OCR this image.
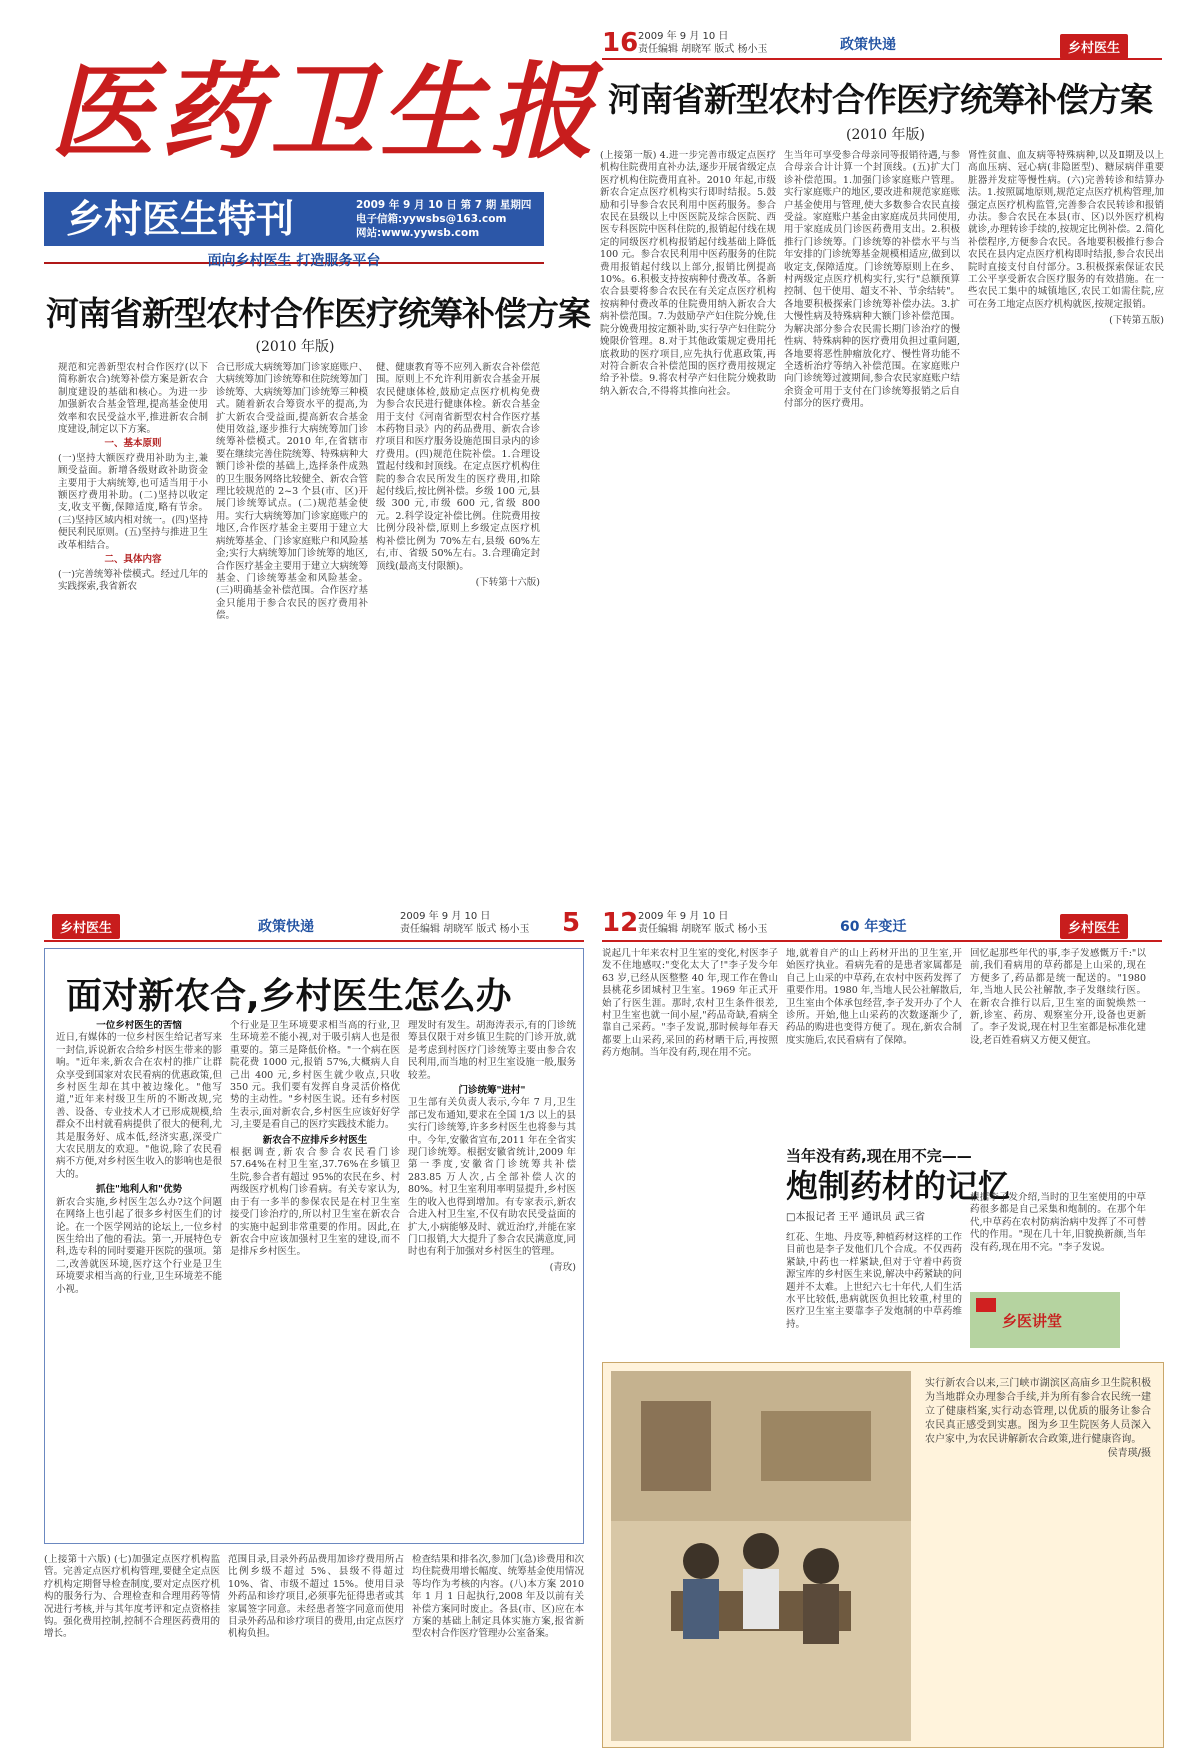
医药卫生报
乡村医生特刊	2009 年 9 月 10 日 第 7 期 星期四
电子信箱:yywsbs@163.com
网站:www.yywsb.com
面向乡村医生 打造服务平台
河南省新型农村合作医疗统筹补偿方案
(2010 年版)
规范和完善新型农村合作医疗(以下简称新农合)统筹补偿方案是新农合制度建设的基础和核心。为进一步加强新农合基金管理,提高基金使用效率和农民受益水平,推进新农合制度建设,制定以下方案。
一、基本原则
(一)坚持大额医疗费用补助为主,兼顾受益面。新增各级财政补助资金主要用于大病统筹,也可适当用于小额医疗费用补助。(二)坚持以收定支,收支平衡,保障适度,略有节余。(三)坚持区域内相对统一。(四)坚持便民利民原则。(五)坚持与推进卫生改革相结合。
二、具体内容
(一)完善统筹补偿模式。经过几年的实践探索,我省新农
合已形成大病统筹加门诊家庭账户、大病统筹加门诊统筹和住院统筹加门诊统筹、大病统筹加门诊统筹三种模式。随着新农合筹资水平的提高,为扩大新农合受益面,提高新农合基金使用效益,逐步推行大病统筹加门诊统筹补偿模式。2010 年,在省辖市要在继续完善住院统筹、特殊病种大额门诊补偿的基础上,选择条件成熟的卫生服务网络比较健全、新农合管理比较规范的 2~3 个县(市、区)开展门诊统筹试点。(二)规范基金使用。实行大病统筹加门诊家庭账户的地区,合作医疗基金主要用于建立大病统筹基金、门诊家庭账户和风险基金;实行大病统筹加门诊统筹的地区,合作医疗基金主要用于建立大病统筹基金、门诊统筹基金和风险基金。(三)明确基金补偿范围。合作医疗基金只能用于参合农民的医疗费用补偿。
健、健康教育等不应列入新农合补偿范围。原则上不允许利用新农合基金开展农民健康体检,鼓励定点医疗机构免费为参合农民进行健康体检。新农合基金用于支付《河南省新型农村合作医疗基本药物目录》内的药品费用、新农合诊疗项目和医疗服务设施范围目录内的诊疗费用。(四)规范住院补偿。1.合理设置起付线和封顶线。在定点医疗机构住院的参合农民所发生的医疗费用,扣除起付线后,按比例补偿。乡级 100 元,县级 300 元,市级 600 元,省级 800 元。2.科学设定补偿比例。住院费用按比例分段补偿,原则上乡级定点医疗机构补偿比例为 70%左右,县级 60%左右,市、省级 50%左右。3.合理确定封顶线(最高支付限额)。
(下转第十六版)
16 2009 年 9 月 10 日
责任编辑 胡晓军 版式 杨小玉	政策快递	乡村医生
河南省新型农村合作医疗统筹补偿方案
(2010 年版)
(上接第一版) 4.进一步完善市级定点医疗机构住院费用直补办法,逐步开展省级定点医疗机构住院费用直补。2010 年起,市级新农合定点医疗机构实行即时结报。5.鼓励和引导参合农民利用中医药服务。参合农民在县级以上中医医院及综合医院、西医专科医院中医科住院的,报销起付线在规定的同级医疗机构报销起付线基础上降低 100 元。参合农民利用中医药服务的住院费用报销起付线以上部分,报销比例提高 10%。6.积极支持按病种付费改革。各新农合县要将参合农民在有关定点医疗机构按病种付费改革的住院费用纳入新农合大病补偿范围。7.为鼓励孕产妇住院分娩,住院分娩费用按定额补助,实行孕产妇住院分娩限价管理。8.对于其他政策规定费用托底救助的医疗项目,应先执行优惠政策,再对符合新农合补偿范围的医疗费用按规定给予补偿。9.将农村孕产妇住院分娩救助纳入新农合,不得将其推向社会。
生当年可享受参合母亲同等报销待遇,与参合母亲合计计算一个封顶线。(五)扩大门诊补偿范围。1.加强门诊家庭账户管理。实行家庭账户的地区,要改进和规范家庭账户基金使用与管理,使大多数参合农民直接受益。家庭账户基金由家庭成员共同使用,用于家庭成员门诊医药费用支出。2.积极推行门诊统筹。门诊统筹的补偿水平与当年安排的门诊统筹基金规模相适应,做到以收定支,保障适度。门诊统筹原则上在乡、村两级定点医疗机构实行,实行"总额预算控制、包干使用、超支不补、节余结转"。各地要积极探索门诊统筹补偿办法。3.扩大慢性病及特殊病种大额门诊补偿范围。为解决部分参合农民需长期门诊治疗的慢性病、特殊病种的医疗费用负担过重问题,各地要将恶性肿瘤放化疗、慢性肾功能不全透析治疗等纳入补偿范围。在家庭账户向门诊统筹过渡期间,参合农民家庭账户结余资金可用于支付在门诊统筹报销之后自付部分的医疗费用。
肾性贫血、血友病等特殊病种,以及Ⅱ期及以上高血压病、冠心病(非隐匿型)、糖尿病伴重要脏器并发症等慢性病。(六)完善转诊和结算办法。1.按照属地原则,规范定点医疗机构管理,加强定点医疗机构监管,完善参合农民转诊和报销办法。参合农民在本县(市、区)以外医疗机构就诊,办理转诊手续的,按规定比例补偿。2.简化补偿程序,方便参合农民。各地要积极推行参合农民在县内定点医疗机构即时结报,参合农民出院时直接支付自付部分。3.积极探索保证农民工公平享受新农合医疗服务的有效措施。在一些农民工集中的城镇地区,农民工如需住院,应可在务工地定点医疗机构就医,按规定报销。
(下转第五版)
乡村医生	政策快递
2009 年 9 月 10 日
责任编辑 胡晓军 版式 杨小玉 5
面对新农合,乡村医生怎么办
一位乡村医生的苦恼
近日,有媒体的一位乡村医生给记者写来一封信,诉说新农合给乡村医生带来的影响。"近年来,新农合在农村的推广让群众享受到国家对农民看病的优惠政策,但乡村医生却在其中被边缘化。"他写道,"近年来村级卫生所的不断改规,完善、设备、专业技术人才已形成规模,给群众不出村就看病提供了很大的便利,尤其是服务好、成本低,经济实惠,深受广大农民朋友的欢迎。"他说,除了农民看病不方便,对乡村医生收入的影响也是很大的。
抓住"地利人和"优势
新农合实施,乡村医生怎么办?这个问题在网络上也引起了很多乡村医生们的讨论。在一个医学网站的论坛上,一位乡村医生给出了他的看法。第一,开展特色专科,选专科的同时要避开医院的强项。第二,改善就医环境,医疗这个行业是卫生环境要求相当高的行业,卫生环境差不能小视。
个行业是卫生环境要求相当高的行业,卫生环境差不能小视,对于吸引病人也是很重要的。第三是降低价格。"一个病在医院花费 1000 元,报销 57%,大概病人自己出 400 元,乡村医生就少收点,只收 350 元。我们要有发挥自身灵活价格优势的主动性。"乡村医生说。还有乡村医生表示,面对新农合,乡村医生应该好好学习,主要是看自己的医疗实践技术能力。
新农合不应排斥乡村医生
根据调查,新农合参合农民看门诊 57.64%在村卫生室,37.76%在乡镇卫生院,参合者有超过 95%的农民在乡、村两级医疗机构门诊看病。有关专家认为,由于有一多半的参保农民是在村卫生室接受门诊治疗的,所以村卫生室在新农合的实施中起到非常重要的作用。因此,在新农合中应该加强村卫生室的建设,而不是排斥乡村医生。
理发时有发生。胡海涛表示,有的门诊统筹县仅限于对乡镇卫生院的门诊开放,就是考虑到村医疗门诊统筹主要由参合农民利用,而当地的村卫生室设施一般,服务较差。
门诊统筹"进村"
卫生部有关负责人表示,今年 7 月,卫生部已发布通知,要求在全国 1/3 以上的县实行门诊统筹,许多乡村医生也将参与其中。今年,安徽省宣布,2011 年在全省实现门诊统筹。根据安徽省统计,2009 年第一季度,安徽省门诊统筹共补偿 283.85 万人次,占全部补偿人次的 80%。村卫生室利用率明显提升,乡村医生的收入也得到增加。有专家表示,新农合进入村卫生室,不仅有助农民受益面的扩大,小病能够及时、就近治疗,并能在家门口报销,大大提升了参合农民满意度,同时也有利于加强对乡村医生的管理。
(青玫)
(上接第十六版) (七)加强定点医疗机构监管。完善定点医疗机构管理,要健全定点医疗机构定期督导检查制度,要对定点医疗机构的服务行为、合理检查和合理用药等情况进行考核,并与其年度考评和定点资格挂钩。强化费用控制,控制不合理医药费用的增长。
范围目录,目录外药品费用加诊疗费用所占比例乡级不超过 5%、县级不得超过 10%、省、市级不超过 15%。使用目录外药品和诊疗项目,必须事先征得患者或其家属签字同意。未经患者签字同意而使用目录外药品和诊疗项目的费用,由定点医疗机构负担。
检查结果和排名次,参加门(急)诊费用和次均住院费用增长幅度、统筹基金使用情况等均作为考核的内容。(八)本方案 2010 年 1 月 1 日起执行,2008 年及以前有关补偿方案同时废止。各县(市、区)应在本方案的基础上制定具体实施方案,报省新型农村合作医疗管理办公室备案。
12 2009 年 9 月 10 日
责任编辑 胡晓军 版式 杨小玉	60 年变迁	乡村医生
说起几十年来农村卫生室的变化,村医李子发不住地感叹:"变化太大了!"李子发今年 63 岁,已经从医整整 40 年,现工作在鲁山县桃花乡团城村卫生室。1969 年正式开始了行医生涯。那时,农村卫生条件很差,村卫生室也就一间小屋,"药品奇缺,看病全靠自己采药。"李子发说,那时候每年春天都要上山采药,采回的药材晒干后,再按照药方炮制。当年没有药,现在用不完。
地,就着自产的山上药材开出的卫生室,开始医疗执业。看病先看的是患者家属都是自己上山采的中草药,在农村中医药发挥了重要作用。1980 年,当地人民公社解散后,卫生室由个体承包经营,李子发开办了个人诊所。开始,他上山采药的次数逐渐少了,药品的购进也变得方便了。现在,新农合制度实施后,农民看病有了保障。
回忆起那些年代的事,李子发感慨万千:"以前,我们看病用的草药都是上山采的,现在方便多了,药品都是统一配送的。"1980 年,当地人民公社解散,李子发继续行医。在新农合推行以后,卫生室的面貌焕然一新,诊室、药房、观察室分开,设备也更新了。李子发说,现在村卫生室都是标准化建设,老百姓看病又方便又便宜。
当年没有药,现在用不完——
炮制药材的记忆
□本报记者 王平 通讯员 武三省
红花、生地、丹皮等,种植药材这样的工作目前也是李子发他们几个合成。不仅西药紧缺,中药也一样紧缺,但对于守着中药资源宝库的乡村医生来说,解决中药紧缺的问题并不太难。上世纪六七十年代,人们生活水平比较低,患病就医负担比较重,村里的医疗卫生室主要靠李子发炮制的中草药维持。
根据李子发介绍,当时的卫生室使用的中草药很多都是自己采集和炮制的。在那个年代,中草药在农村防病治病中发挥了不可替代的作用。"现在几十年,旧貌换新颜,当年没有药,现在用不完。"李子发说。
乡医讲堂
实行新农合以来,三门峡市湖滨区高庙乡卫生院积极为当地群众办理参合手续,并为所有参合农民统一建立了健康档案,实行动态管理,以优质的服务让参合农民真正感受到实惠。图为乡卫生院医务人员深入农户家中,为农民讲解新农合政策,进行健康咨询。
侯青瑛/摄
